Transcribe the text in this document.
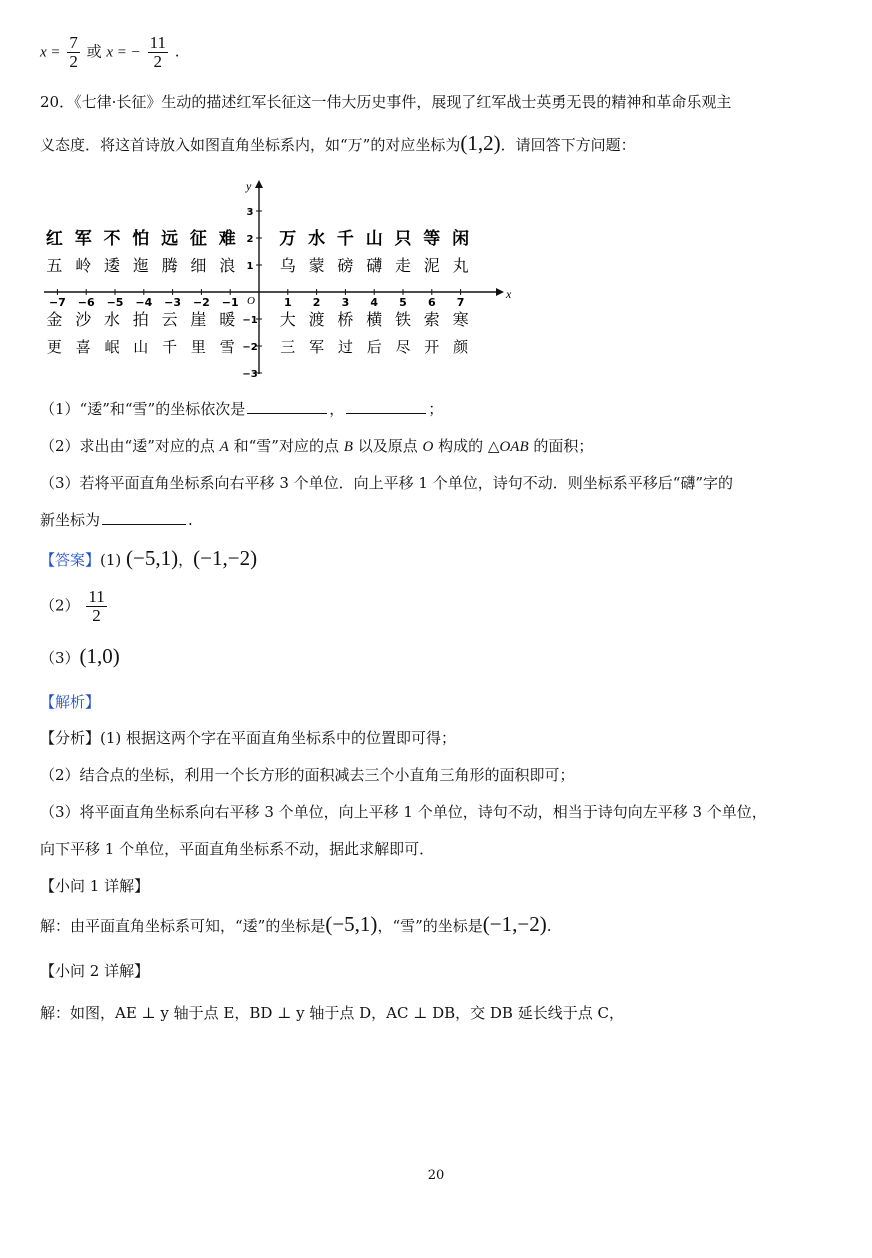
$x = \frac{7}{2}$ 或 x = − $\frac{11}{2}$ .
20．《七律·长征》生动的描述红军长征这一伟大历史事件，展现了红军战士英勇无畏的精神和革命乐观主
义态度．将这首诗放入如图直角坐标系内，如“万”的对应坐标为(1,2)．请回答下方问题：
x
y
O
−7 −6 −5 −4 −3 −2 −1	1 2 3 4 5 6 7
3
2
1
−1
−2
−3
红 军 不 怕 远 征 难	万 水 千 山 只 等 闲
五 岭 逶 迤 腾 细 浪	乌 蒙 磅 礴 走 泥 丸
金 沙 水 拍 云 崖 暖	大 渡 桥 横 铁 索 寒
更 喜 岷 山 千 里 雪	三 军 过 后 尽 开 颜
（1）“逶”和“雪”的坐标依次是	，	；
（2）求出由“逶”对应的点 A 和“雪”对应的点 B 以及原点 O 构成的 △OAB 的面积；
（3）若将平面直角坐标系向右平移 3 个单位．向上平移 1 个单位，诗句不动．则坐标系平移后“礴”字的
新坐标为	.
【答案】(1) (−5,1)，(−1,−2)
$(2) \frac{11}{2}$
（3）(1,0)
【解析】
【分析】(1) 根据这两个字在平面直角坐标系中的位置即可得；
（2）结合点的坐标，利用一个长方形的面积减去三个小直角三角形的面积即可；
（3）将平面直角坐标系向右平移 3 个单位，向上平移 1 个单位，诗句不动，相当于诗句向左平移 3 个单位，
向下平移 1 个单位，平面直角坐标系不动，据此求解即可．
【小问 1 详解】
解：由平面直角坐标系可知，“逶”的坐标是(−5,1)，“雪”的坐标是(−1,−2).
【小问 2 详解】
解：如图，AE ⊥ y 轴于点 E，BD ⊥ y 轴于点 D，AC ⊥ DB，交 DB 延长线于点 C，
20
